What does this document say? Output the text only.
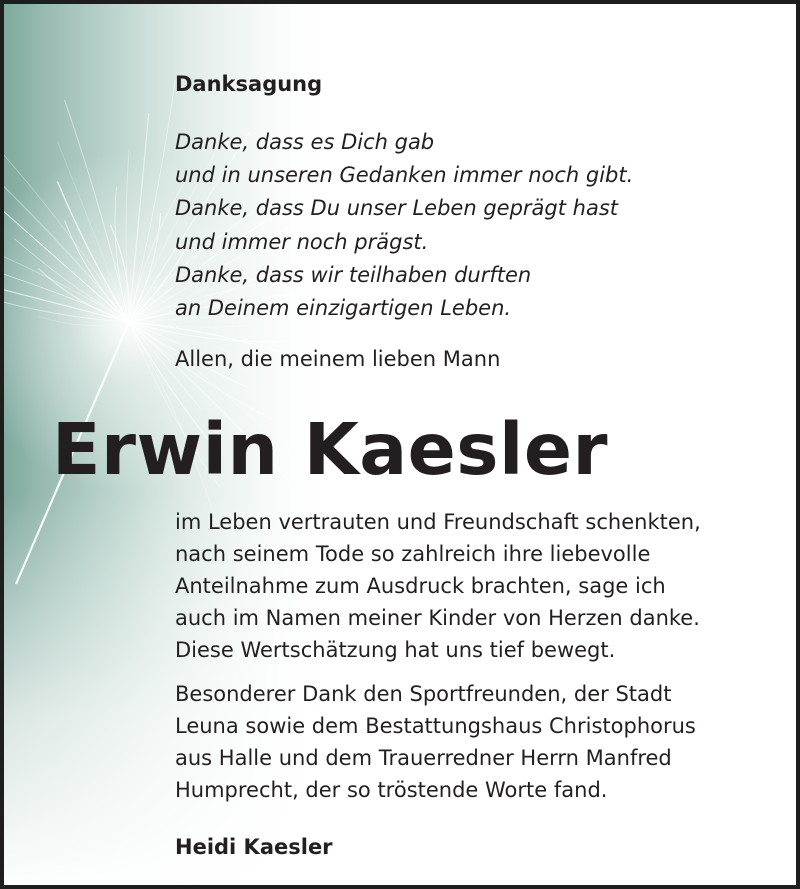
Danksagung
Danke, dass es Dich gab
und in unseren Gedanken immer noch gibt.
Danke, dass Du unser Leben geprägt hast
und immer noch prägst.
Danke, dass wir teilhaben durften
an Deinem einzigartigen Leben.
Allen, die meinem lieben Mann
Erwin Kaesler
im Leben vertrauten und Freundschaft schenkten,
nach seinem Tode so zahlreich ihre liebevolle
Anteilnahme zum Ausdruck brachten, sage ich
auch im Namen meiner Kinder von Herzen danke.
Diese Wertschätzung hat uns tief bewegt.
Besonderer Dank den Sportfreunden, der Stadt
Leuna sowie dem Bestattungshaus Christophorus
aus Halle und dem Trauerredner Herrn Manfred
Humprecht, der so tröstende Worte fand.
Heidi Kaesler
